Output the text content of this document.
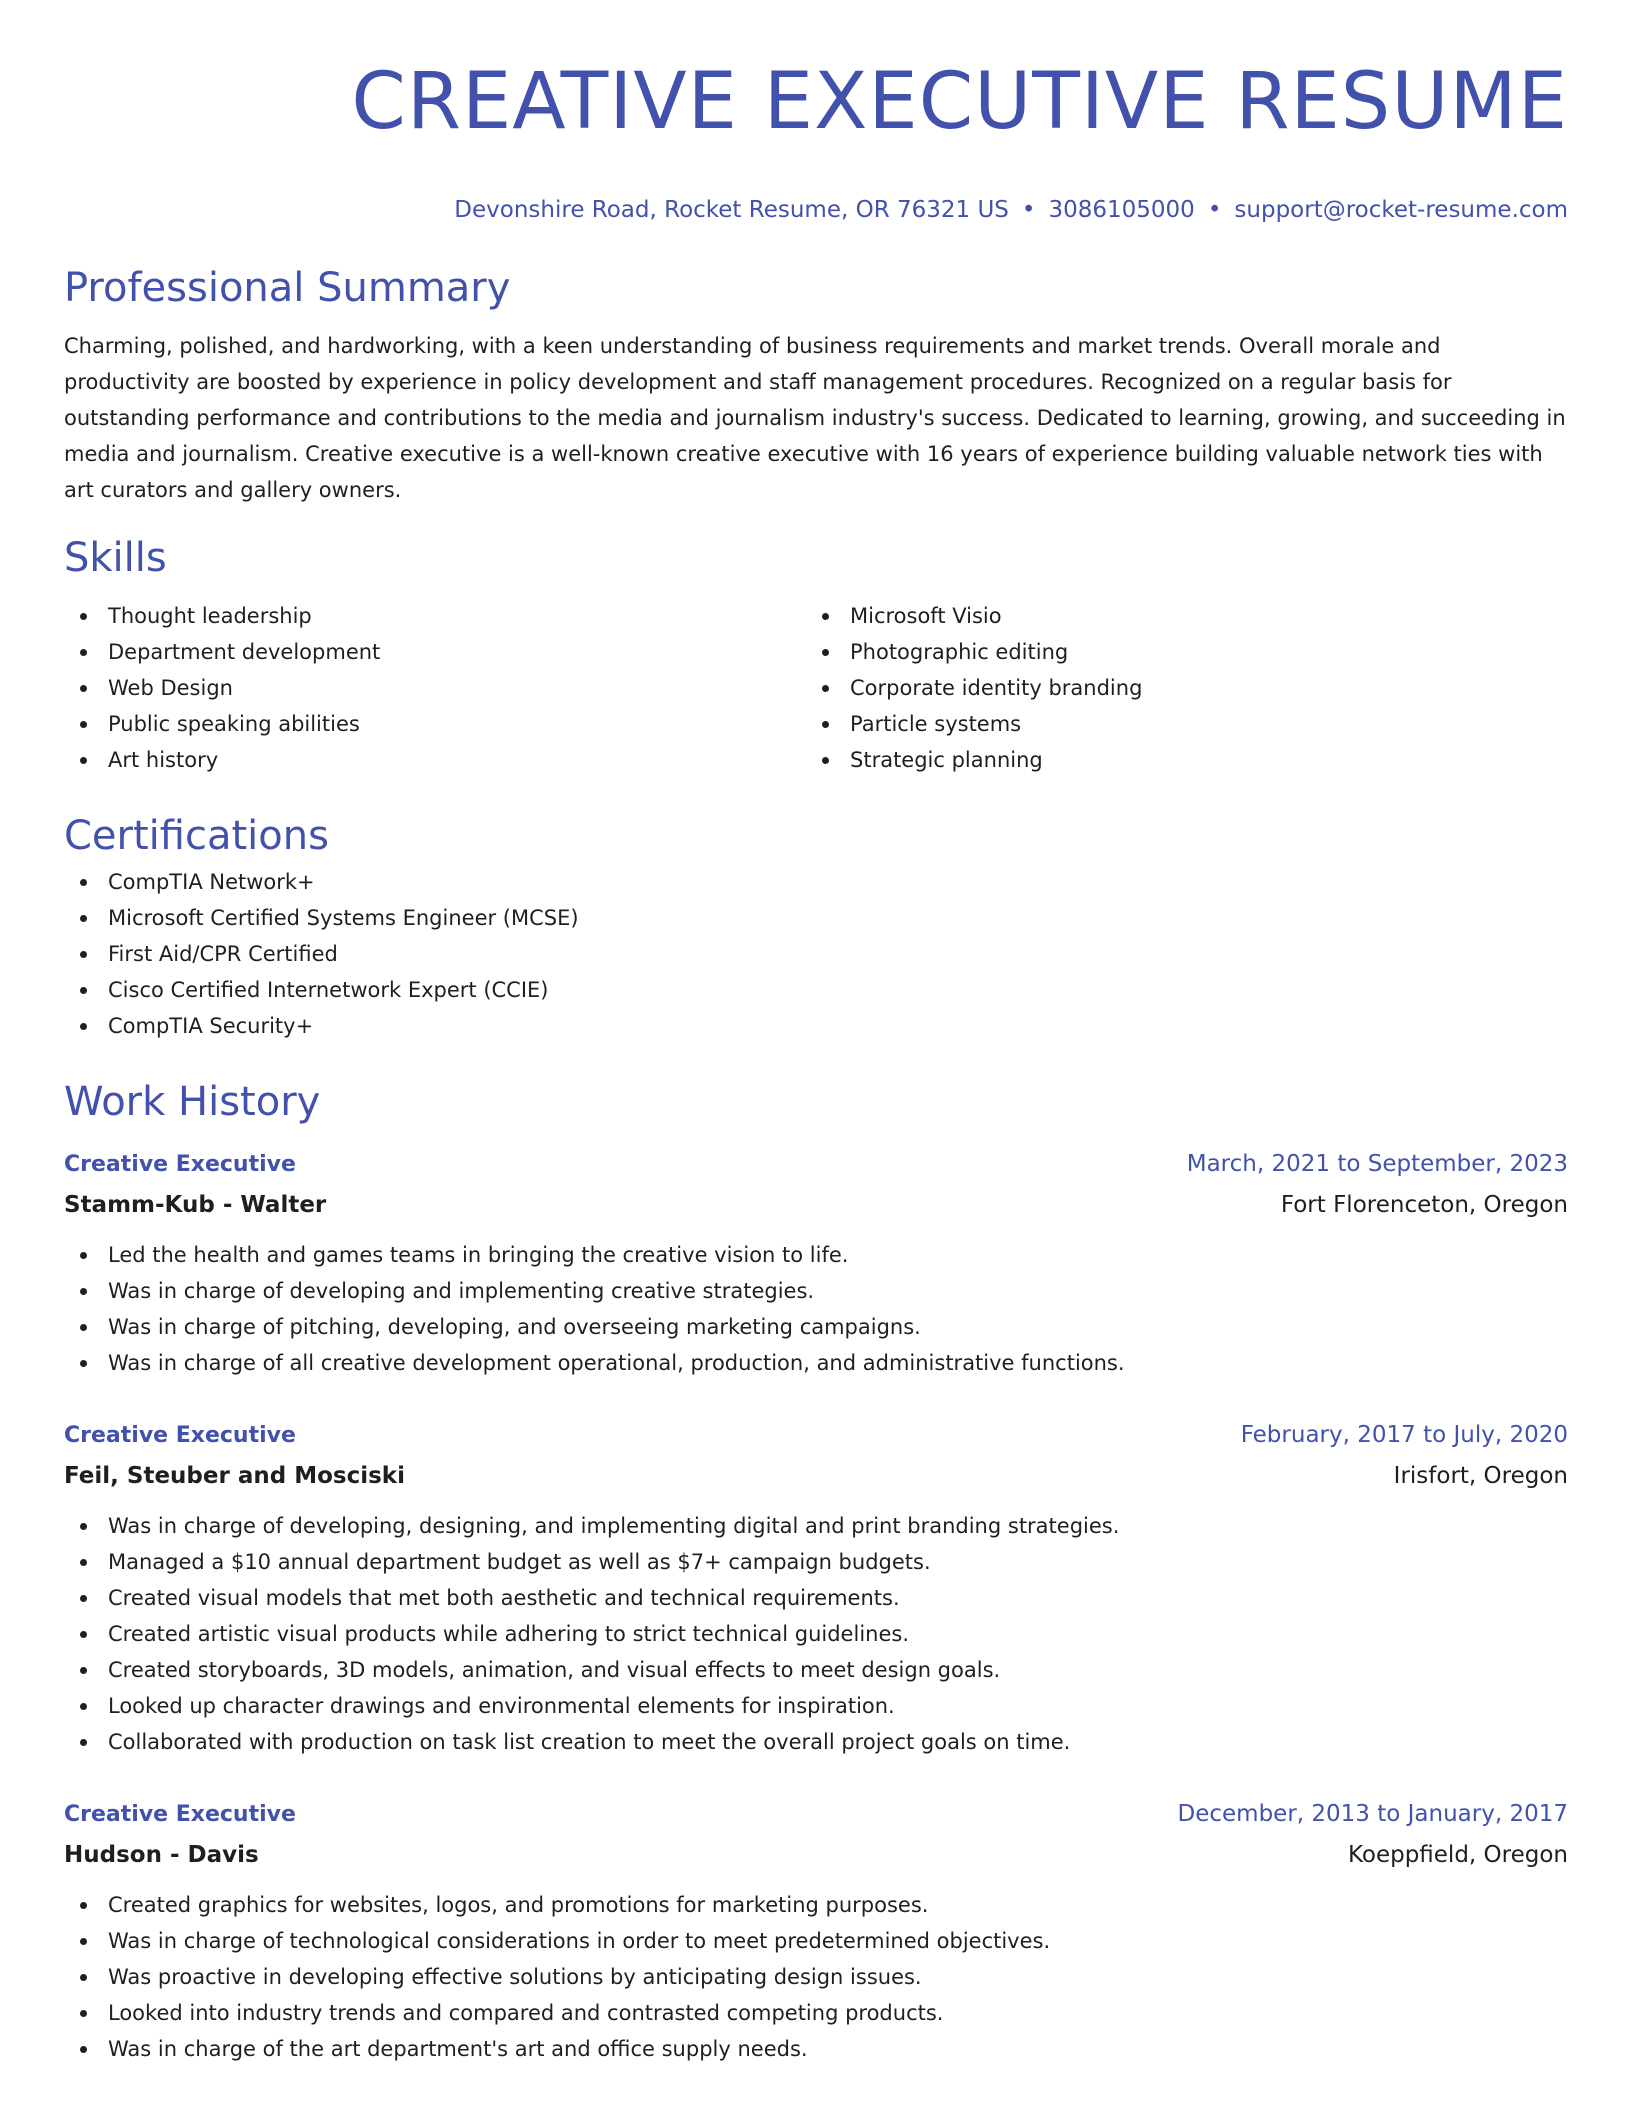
CREATIVE EXECUTIVE RESUME
Devonshire Road, Rocket Resume, OR 76321 US • 3086105000 • support@rocket-resume.com
Professional Summary
Charming, polished, and hardworking, with a keen understanding of business requirements and market trends. Overall morale and productivity are boosted by experience in policy development and staff management procedures. Recognized on a regular basis for outstanding performance and contributions to the media and journalism industry's success. Dedicated to learning, growing, and succeeding in media and journalism. Creative executive is a well-known creative executive with 16 years of experience building valuable network ties with art curators and gallery owners.
Skills
Thought leadership
Department development
Web Design
Public speaking abilities
Art history
Microsoft Visio
Photographic editing
Corporate identity branding
Particle systems
Strategic planning
Certifications
CompTIA Network+
Microsoft Certified Systems Engineer (MCSE)
First Aid/CPR Certified
Cisco Certified Internetwork Expert (CCIE)
CompTIA Security+
Work History
Creative Executive	March, 2021 to September, 2023
Stamm-Kub - Walter	Fort Florenceton, Oregon
Led the health and games teams in bringing the creative vision to life.
Was in charge of developing and implementing creative strategies.
Was in charge of pitching, developing, and overseeing marketing campaigns.
Was in charge of all creative development operational, production, and administrative functions.
Creative Executive	February, 2017 to July, 2020
Feil, Steuber and Mosciski	Irisfort, Oregon
Was in charge of developing, designing, and implementing digital and print branding strategies.
Managed a $10 annual department budget as well as $7+ campaign budgets.
Created visual models that met both aesthetic and technical requirements.
Created artistic visual products while adhering to strict technical guidelines.
Created storyboards, 3D models, animation, and visual effects to meet design goals.
Looked up character drawings and environmental elements for inspiration.
Collaborated with production on task list creation to meet the overall project goals on time.
Creative Executive	December, 2013 to January, 2017
Hudson - Davis	Koeppfield, Oregon
Created graphics for websites, logos, and promotions for marketing purposes.
Was in charge of technological considerations in order to meet predetermined objectives.
Was proactive in developing effective solutions by anticipating design issues.
Looked into industry trends and compared and contrasted competing products.
Was in charge of the art department's art and office supply needs.
